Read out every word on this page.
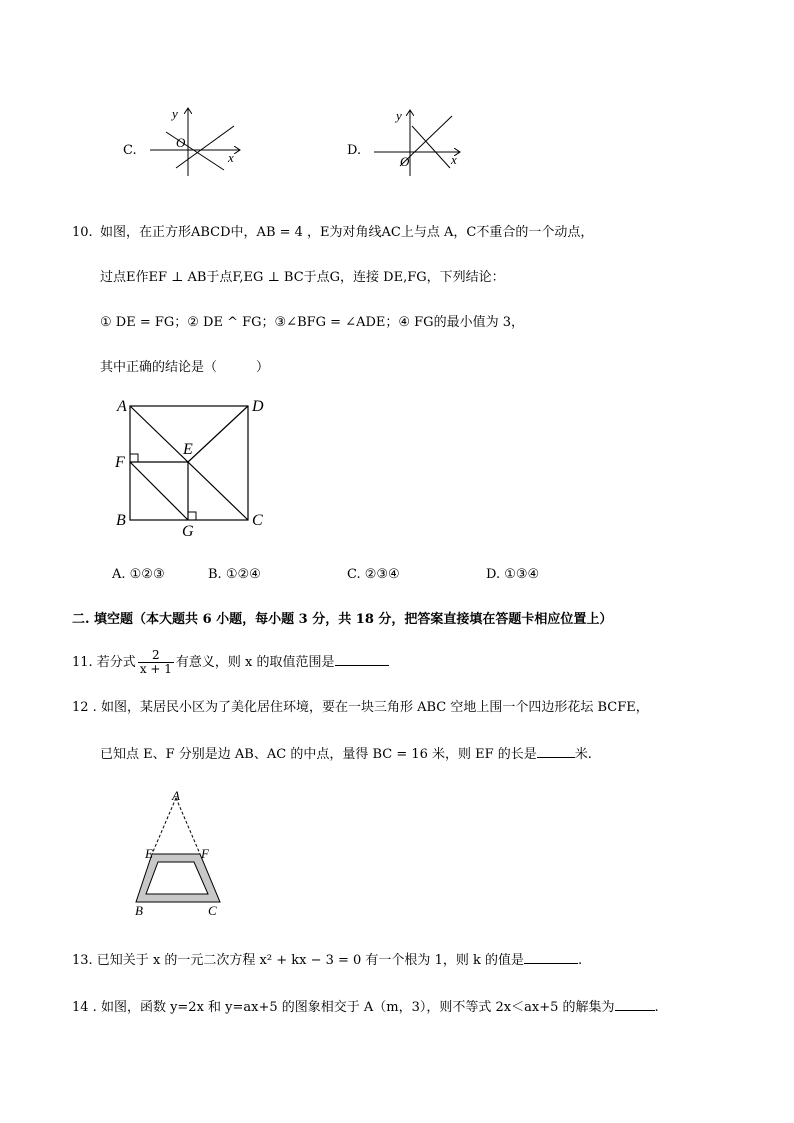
C.
y
x
O
D.
y
x
O
10. 如图，在正方形ABCD中，AB = 4 ，E为对角线AC上与点 A，C不重合的一个动点，
过点E作EF ⊥ AB于点F,EG ⊥ BC于点G，连接 DE,FG，下列结论：
① DE = FG；② DE ^ FG；③∠BFG = ∠ADE；④ FG的最小值为 3，
其中正确的结论是（　　　）
A	D
E
F
B
G
C
A. ①②③	B. ①②④	C. ②③④	D. ①③④
二. 填空题（本大题共 6 小题，每小题 3 分，共 18 分，把答案直接填在答题卡相应位置上）
11. 若分式 $\frac{2}{x + 1}$ 有意义，则 x 的取值范围是
12 . 如图，某居民小区为了美化居住环境，要在一块三角形 ABC 空地上围一个四边形花坛 BCFE，
已知点 E、F 分别是边 AB、AC 的中点，量得 BC = 16 米，则 EF 的长是	米.
A
E	F
B	C
13. 已知关于 x 的一元二次方程 x² + kx − 3 = 0 有一个根为 1，则 k 的值是	.
14 . 如图，函数 y=2x 和 y=ax+5 的图象相交于 A（m，3），则不等式 2x＜ax+5 的解集为	.
